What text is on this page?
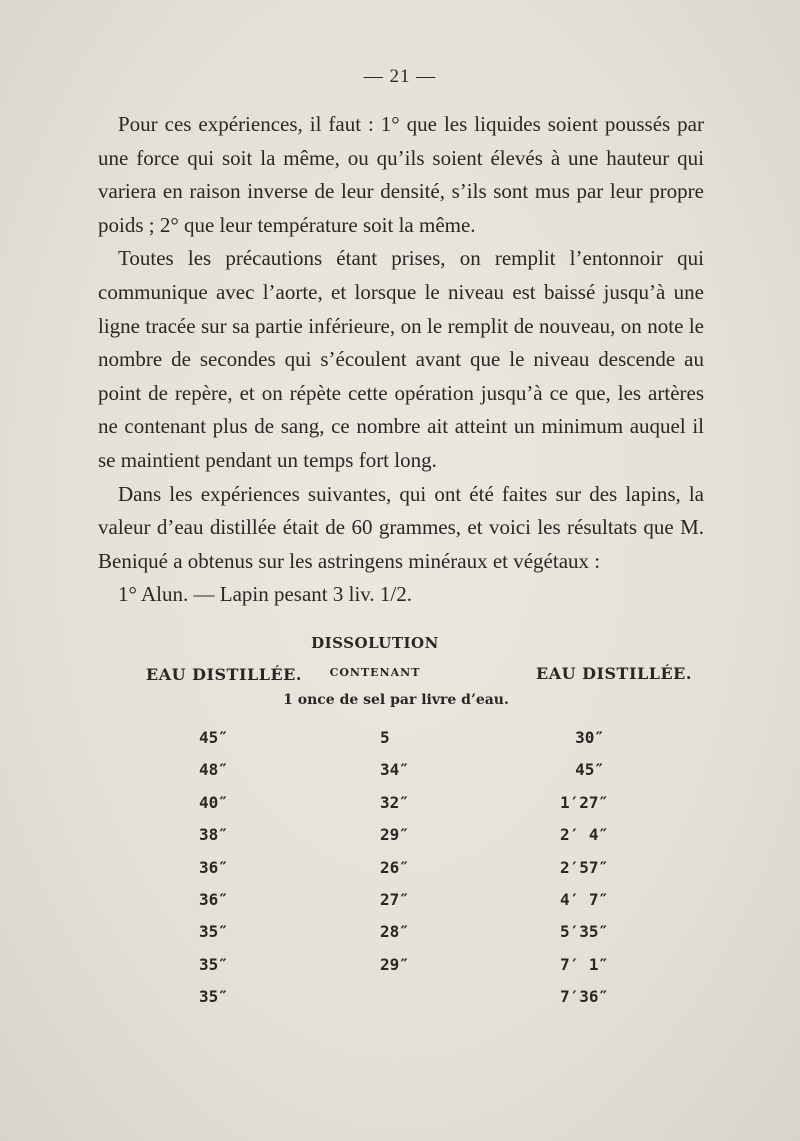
— 21 —

Pour ces expériences, il faut : 1° que les liquides soient poussés par une force qui soit la même, ou qu’ils soient élevés à une hauteur qui variera en raison inverse de leur densité, s’ils sont mus par leur propre poids ; 2° que leur température soit la même.

Toutes les précautions étant prises, on remplit l’entonnoir qui communique avec l’aorte, et lorsque le niveau est baissé jusqu’à une ligne tracée sur sa partie inférieure, on le remplit de nouveau, on note le nombre de secondes qui s’écoulent avant que le niveau descende au point de repère, et on répète cette opération jusqu’à ce que, les artères ne contenant plus de sang, ce nombre ait atteint un minimum auquel il se maintient pendant un temps fort long.

Dans les expériences suivantes, qui ont été faites sur des lapins, la valeur d’eau distillée était de 60 grammes, et voici les résultats que M. Beniqué a obtenus sur les astringens minéraux et végétaux :

1° Alun. — Lapin pesant 3 liv. 1/2.

EAU DISTILLÉE.
DISSOLUTION
CONTENANT
1 once de sel par livre d’eau.
EAU DISTILLÉE.
45″
48″
40″
38″
36″
36″
35″
35″
35″
5
34″
32″
29″
26″
27″
28″
29″
30″
45″
1′27″
2′ 4″
2′57″
4′ 7″
5′35″
7′ 1″
7′36″
